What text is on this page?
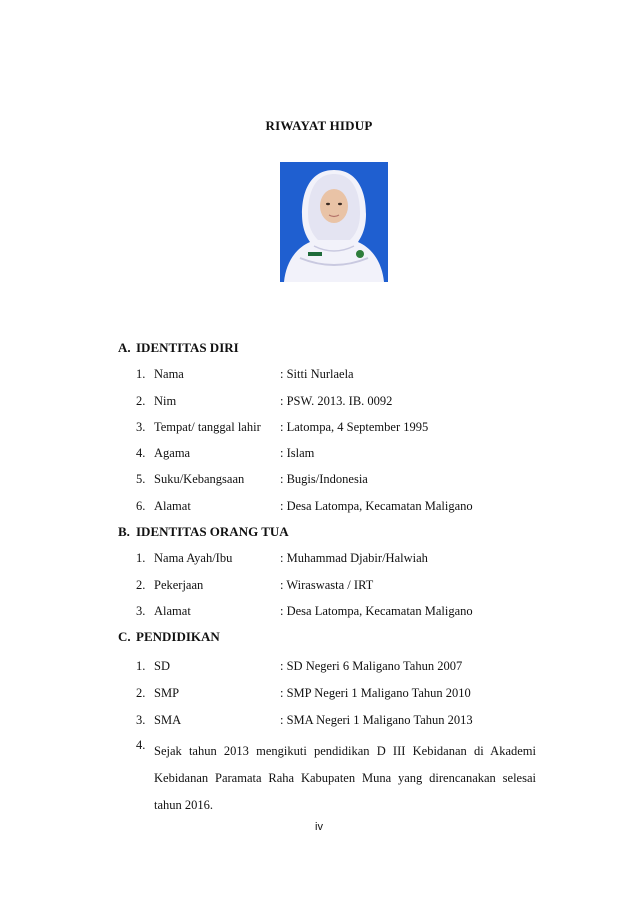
RIWAYAT HIDUP
A. IDENTITAS DIRI
1. Nama	: Sitti Nurlaela
2. Nim	: PSW. 2013. IB. 0092
3. Tempat/ tanggal lahir : Latompa, 4 September 1995
4. Agama	: Islam
5. Suku/Kebangsaan	: Bugis/Indonesia
6. Alamat	: Desa Latompa, Kecamatan Maligano
B. IDENTITAS ORANG TUA
1. Nama Ayah/Ibu	: Muhammad Djabir/Halwiah
2. Pekerjaan	: Wiraswasta / IRT
3. Alamat	: Desa Latompa, Kecamatan Maligano
C. PENDIDIKAN
1. SD	: SD Negeri 6 Maligano Tahun 2007
2. SMP	: SMP Negeri 1 Maligano Tahun 2010
3. SMA	: SMA Negeri 1 Maligano Tahun 2013
4. Sejak tahun 2013 mengikuti pendidikan D III Kebidanan di Akademi Kebidanan Paramata Raha Kabupaten Muna yang direncanakan selesai tahun 2016.

iv
